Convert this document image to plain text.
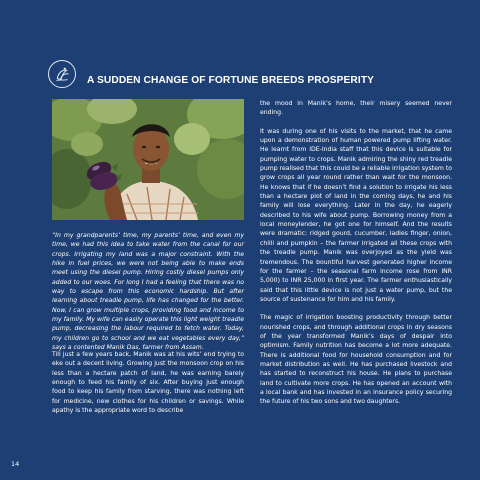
A SUDDEN CHANGE OF FORTUNE BREEDS PROSPERITY

“In my grandparents’ time, my parents’ time, and even my time, we had this idea to take water from the canal for our crops. Irrigating my land was a major constraint. With the hike in fuel prices, we were not being able to make ends meet using the diesel pump. Hiring costly diesel pumps only added to our woes. For long I had a feeling that there was no way to escape from this economic hardship. But after learning about treadle pump, life has changed for the better. Now, I can grow multiple crops, providing food and income to my family. My wife can easily operate this light weight treadle pump, decreasing the labour required to fetch water. Today, my children go to school and we eat vegetables every day,” says a contented Manik Das, farmer from Assam.

Till just a few years back, Manik was at his wits’ end trying to eke out a decent living. Growing just the monsoon crop on his less than a hectare patch of land, he was earning barely enough to feed his family of six. After buying just enough food to keep his family from starving, there was nothing left for medicine, new clothes for his children or savings. While apathy is the appropriate word to describe

the mood in Manik’s home, their misery seemed never ending.

It was during one of his visits to the market, that he came upon a demonstration of human powered pump lifting water. He learnt from IDE-India staff that this device is suitable for pumping water to crops. Manik admiring the shiny red treadle pump realised that this could be a reliable irrigation system to grow crops all year round rather than wait for the monsoon. He knows that if he doesn’t find a solution to irrigate his less than a hectare plot of land in the coming days, he and his family will lose everything. Later in the day, he eagerly described to his wife about pump. Borrowing money from a local moneylender, he got one for himself. And the results were dramatic: ridged gourd, cucumber, ladies finger, onion, chilli and pumpkin – the farmer irrigated all these crops with the treadle pump. Manik was overjoyed as the yield was tremendous. The bountiful harvest generated higher income for the farmer – the seasonal farm income rose from INR 5,000) to INR 25,000 in first year. The farmer enthusiastically said that this little device is not just a water pump, but the source of sustenance for him and his family.

The magic of irrigation boosting productivity through better nourished crops, and through additional crops in dry seasons of the year transformed Manik’s days of despair into optimism. Family nutrition has become a lot more adequate. There is additional food for household consumption and for market distribution as well. He has purchased livestock and has started to reconstruct his house. He plans to purchase land to cultivate more crops. He has opened an account with a local bank and has invested in an insurance policy securing the future of his two sons and two daughters.

14
